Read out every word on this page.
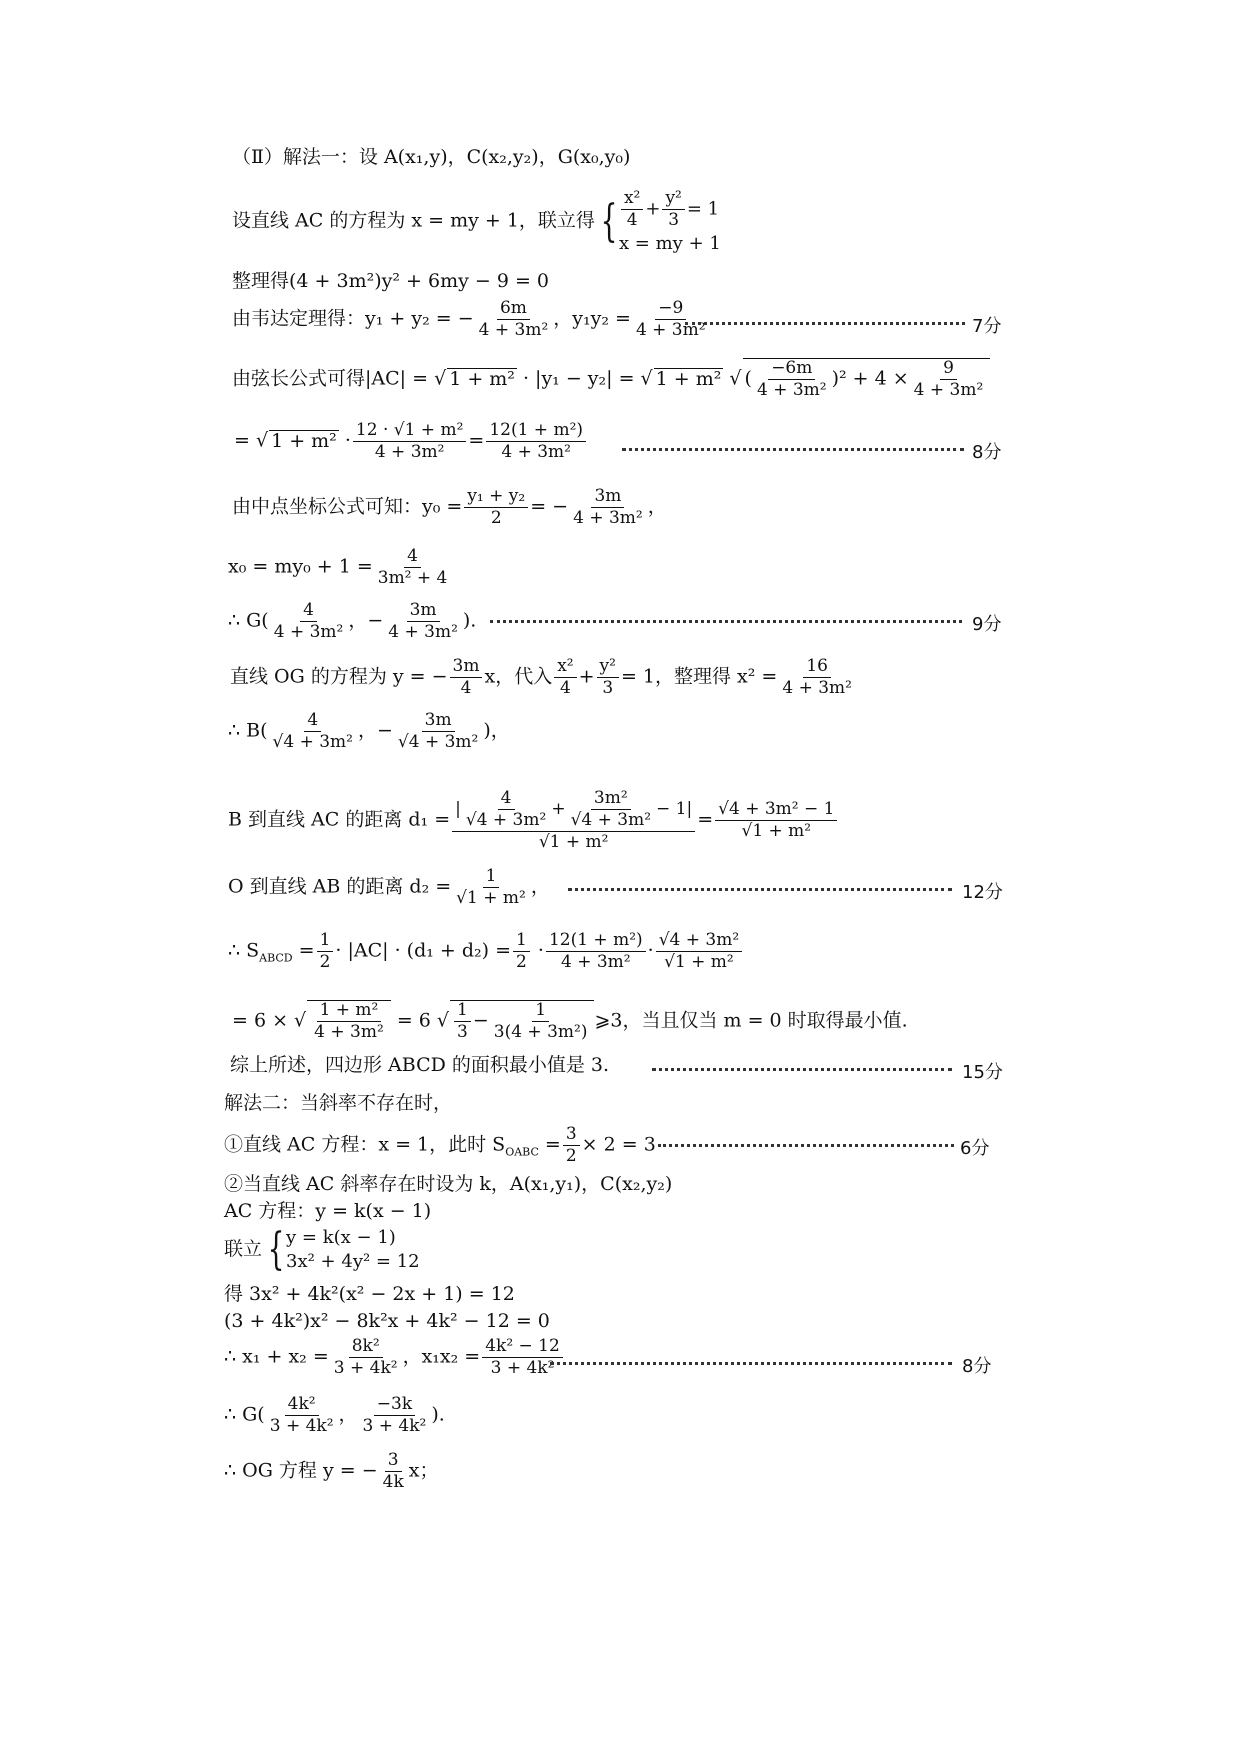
（Ⅱ）解法一：设 A(x₁,y)，C(x₂,y₂)，G(x₀,y₀)
设直线 AC 的方程为 x = my + 1，联立得 { $\frac{\text{x²}}{4} + \frac{\text{y²}}{3} = 1$
x = my + 1
整理得(4 + 3m²)y² + 6my − 9 = 0
由韦达定理得：y₁ + y₂ = − $\frac{6m}{\text{4 + 3m²}}$ ，$y_1y_2 = \frac{-9}{\text{4 + 3m²}}$	7分
由弦长公式可得|AC| = √ 1 + m² · |y₁ − y₂| = √ 1 + m² √ ( $\frac{-6m}{\text{4 + 3m²}} )^2 + 4 \times \frac{9}{\text{4 + 3m²}}$
= √ $1 + m^2 \cdot \frac{\text{12 · √1 + m²}}{\text{4 + 3m²}} = \frac{\text{12(1 + m²)}}{\text{4 + 3m²}}$	8分
由中点坐标公式可知：$y_0 = \frac{\text{y₁ + y₂}}{2}$ = − $\frac{3m}{\text{4 + 3m²}}$ ，
$x_0 = my_0 + 1 = \frac{4}{\text{3m² + 4}}$
∴ $G( \frac{4}{\text{4 + 3m²}}$ ，− $\frac{3m}{\text{4 + 3m²}}$ ).	9分
直线 OG 的方程为 y = − $\frac{3m}{4}$ x，代入 $\frac{\text{x²}}{4} + \frac{\text{y²}}{3} = 1$，整理得 $x^2 = \frac{16}{\text{4 + 3m²}}$
∴ $B( \frac{4}{\text{√4 + 3m²}}$ ，− $\frac{3m}{\text{√4 + 3m²}}$ )，
B 到直线 AC 的距离 $d_1 = \frac{| \frac{4}{\text{√4 + 3m²}} + \frac{\text{3m²}}{\text{√4 + 3m²}} - 1|}{\text{√1 + m²}} = \frac{\text{√4 + 3m² − 1}}{\text{√1 + m²}}$
O 到直线 AB 的距离 $d_2 = \frac{1}{\text{√1 + m²}}$ ，	12分
∴ $S_{ABCD} = \frac{1}{2} \cdot |AC| \cdot (d_1 + d_2) = \frac{1}{2} \cdot \frac{\text{12(1 + m²)}}{\text{4 + 3m²}} \cdot \frac{\text{√4 + 3m²}}{\text{√1 + m²}}$
= 6 × √ $\frac{\text{1 + m²}}{\text{4 + 3m²}} = 6$ √ $\frac{1}{3} - \frac{1}{\text{3(4 + 3m²)}}$ ⩾3，当且仅当 m = 0 时取得最小值.
综上所述，四边形 ABCD 的面积最小值是 3.	15分
解法二：当斜率不存在时，
①直线 AC 方程：x = 1，此时 $S_{OABC} = \frac{3}{2} \times 2 = 3$	6分
②当直线 AC 斜率存在时设为 k，A(x₁,y₁)，C(x₂,y₂)
AC 方程：y = k(x − 1)
联立 { y = k(x − 1)
3x² + 4y² = 12
得 3x² + 4k²(x² − 2x + 1) = 12
(3 + 4k²)x² − 8k²x + 4k² − 12 = 0
∴ $x_1 + x_2 = \frac{\text{8k²}}{\text{3 + 4k²}}$ ，$x_1x_2 = \frac{\text{4k² − 12}}{\text{3 + 4k²}}$	8分
∴ $G( \frac{\text{4k²}}{\text{3 + 4k²}}$ ， $\frac{-3k}{\text{3 + 4k²}}$ ).
∴ OG 方程 y = − $\frac{3}{4k}$ x；
